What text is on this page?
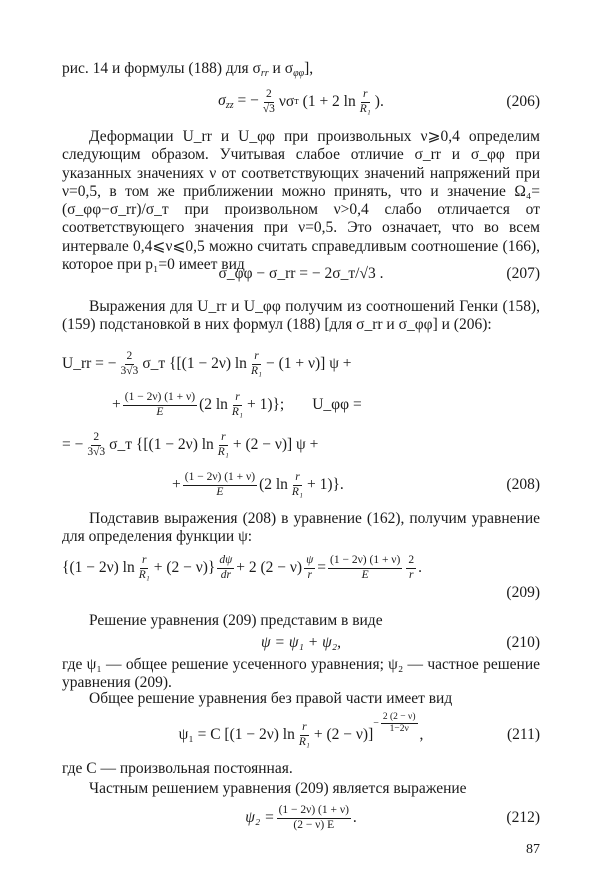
рис. 14 и формулы (188) для $\sigma_{rr}$ и $\sigma_{\varphi\varphi}$],
$\sigma_{zz}$ = − $\frac{2}{√3}$ νσ т (1 + 2 $\ln \frac{r}{\text{R₁}}$ ).	(206)
Деформации U_rr и U_φφ при произвольных ν⩾0,4 определим следующим образом. Учитывая слабое отличие σ_rr и σ_φφ при указанных значениях ν от соответствующих значений напряжений при ν=0,5, в том же приближении можно принять, что и значение Ω₄=(σ_φφ−σ_rr)/σ_т при произвольном ν>0,4 слабо отличается от соответствующего значения при ν=0,5. Это означает, что во всем интервале 0,4⩽ν⩽0,5 можно считать справедливым соотношение (166), которое при p₁=0 имеет вид
σ_φφ − σ_rr = − 2σ_т/√3 .	(207)
Выражения для U_rr и U_φφ получим из соотношений Генки (158), (159) подстановкой в них формул (188) [для σ_rr и σ_φφ] и (206):
U_rr = − $\frac{2}{3√3}$ σ_т {[(1 − 2ν) $\ln \frac{r}{\text{R₁}} - (1 + \nu)$] ψ +
+ $\frac{(1 - 2\nu) (1 + \nu)}{E} (2$ $\ln \frac{r}{\text{R₁}} + 1$)}; U_φφ =
= − $\frac{2}{3√3}$ σ_т {[(1 − 2ν) $\ln \frac{r}{\text{R₁}} + (2 - \nu)$] ψ +
+ $\frac{(1 - 2\nu) (1 + \nu)}{E} (2$ $\ln \frac{r}{\text{R₁}} + 1$)}.	(208)
Подставив выражения (208) в уравнение (162), получим уравнение для определения функции ψ:
{(1 − 2ν) $\ln \frac{r}{\text{R₁}} + (2 - \nu)\} \frac{d\psi}{dr} + 2$ $(2 - \nu) \frac{\psi}{r} = \frac{(1 - 2\nu) (1 + \nu)}{E} \frac{2}{r}$ .
(209)
Решение уравнения (209) представим в виде
ψ = ψ₁ + ψ₂,	(210)
где ψ₁ — общее решение усеченного уравнения; ψ₂ — частное решение уравнения (209).
Общее решение уравнения без правой части имеет вид
ψ₁ = C [(1 − 2ν) $\ln \frac{r}{\text{R₁}} + (2 - \nu)$]
− $\frac{2 (2 - \nu)}{1-2\nu}$ ,	(211)
где C — произвольная постоянная.
Частным решением уравнения (209) является выражение
$\psi_2 = \frac{(1 - 2\nu) (1 + \nu)}{(2 - \nu) E}$ .	(212)
87
